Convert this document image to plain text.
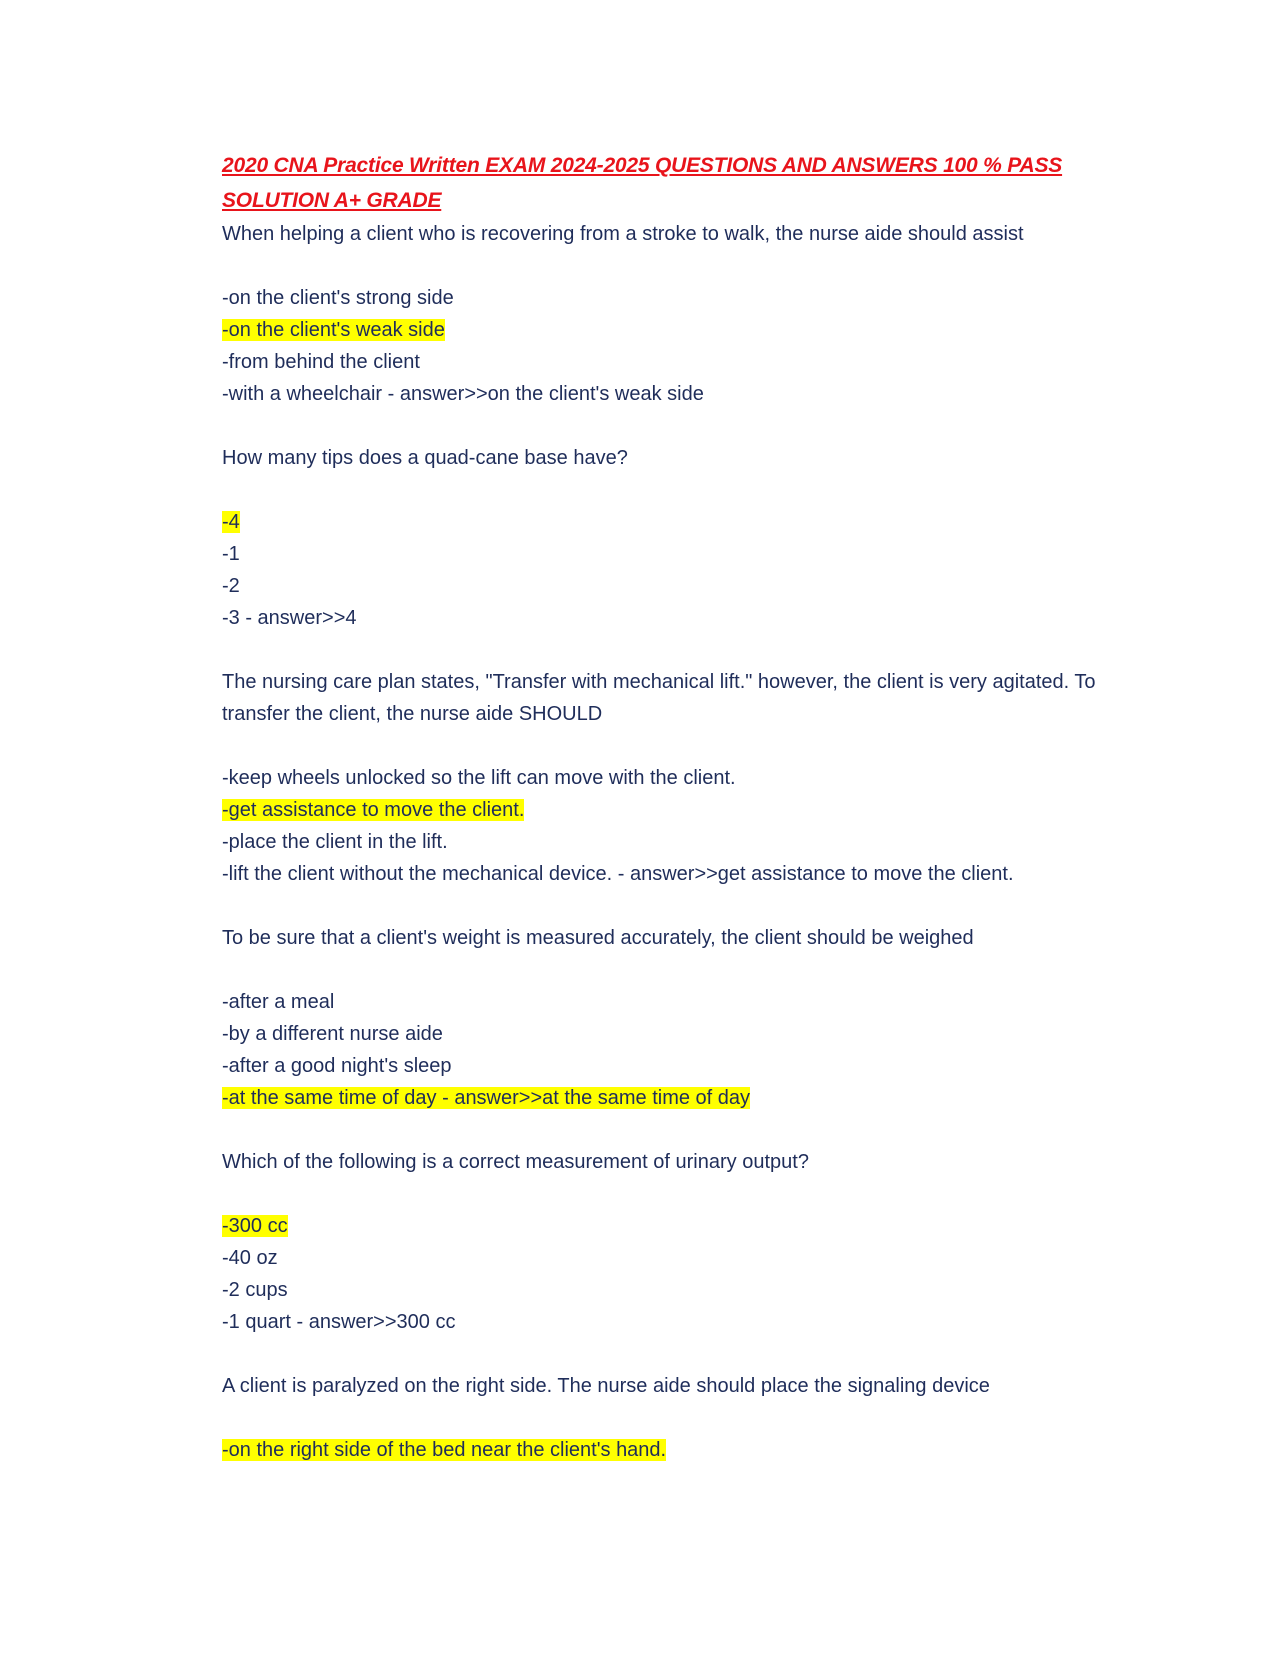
2020 CNA Practice Written EXAM 2024-2025 QUESTIONS AND ANSWERS 100 % PASS SOLUTION A+ GRADE

When helping a client who is recovering from a stroke to walk, the nurse aide should assist

-on the client's strong side
-on the client's weak side
-from behind the client
-with a wheelchair - answer>>on the client's weak side

How many tips does a quad-cane base have?

-4
-1
-2
-3 - answer>>4

The nursing care plan states, "Transfer with mechanical lift." however, the client is very agitated. To transfer the client, the nurse aide SHOULD

-keep wheels unlocked so the lift can move with the client.
-get assistance to move the client.
-place the client in the lift.
-lift the client without the mechanical device. - answer>>get assistance to move the client.

To be sure that a client's weight is measured accurately, the client should be weighed

-after a meal
-by a different nurse aide
-after a good night's sleep
-at the same time of day - answer>>at the same time of day

Which of the following is a correct measurement of urinary output?

-300 cc
-40 oz
-2 cups
-1 quart - answer>>300 cc

A client is paralyzed on the right side. The nurse aide should place the signaling device

-on the right side of the bed near the client's hand.
